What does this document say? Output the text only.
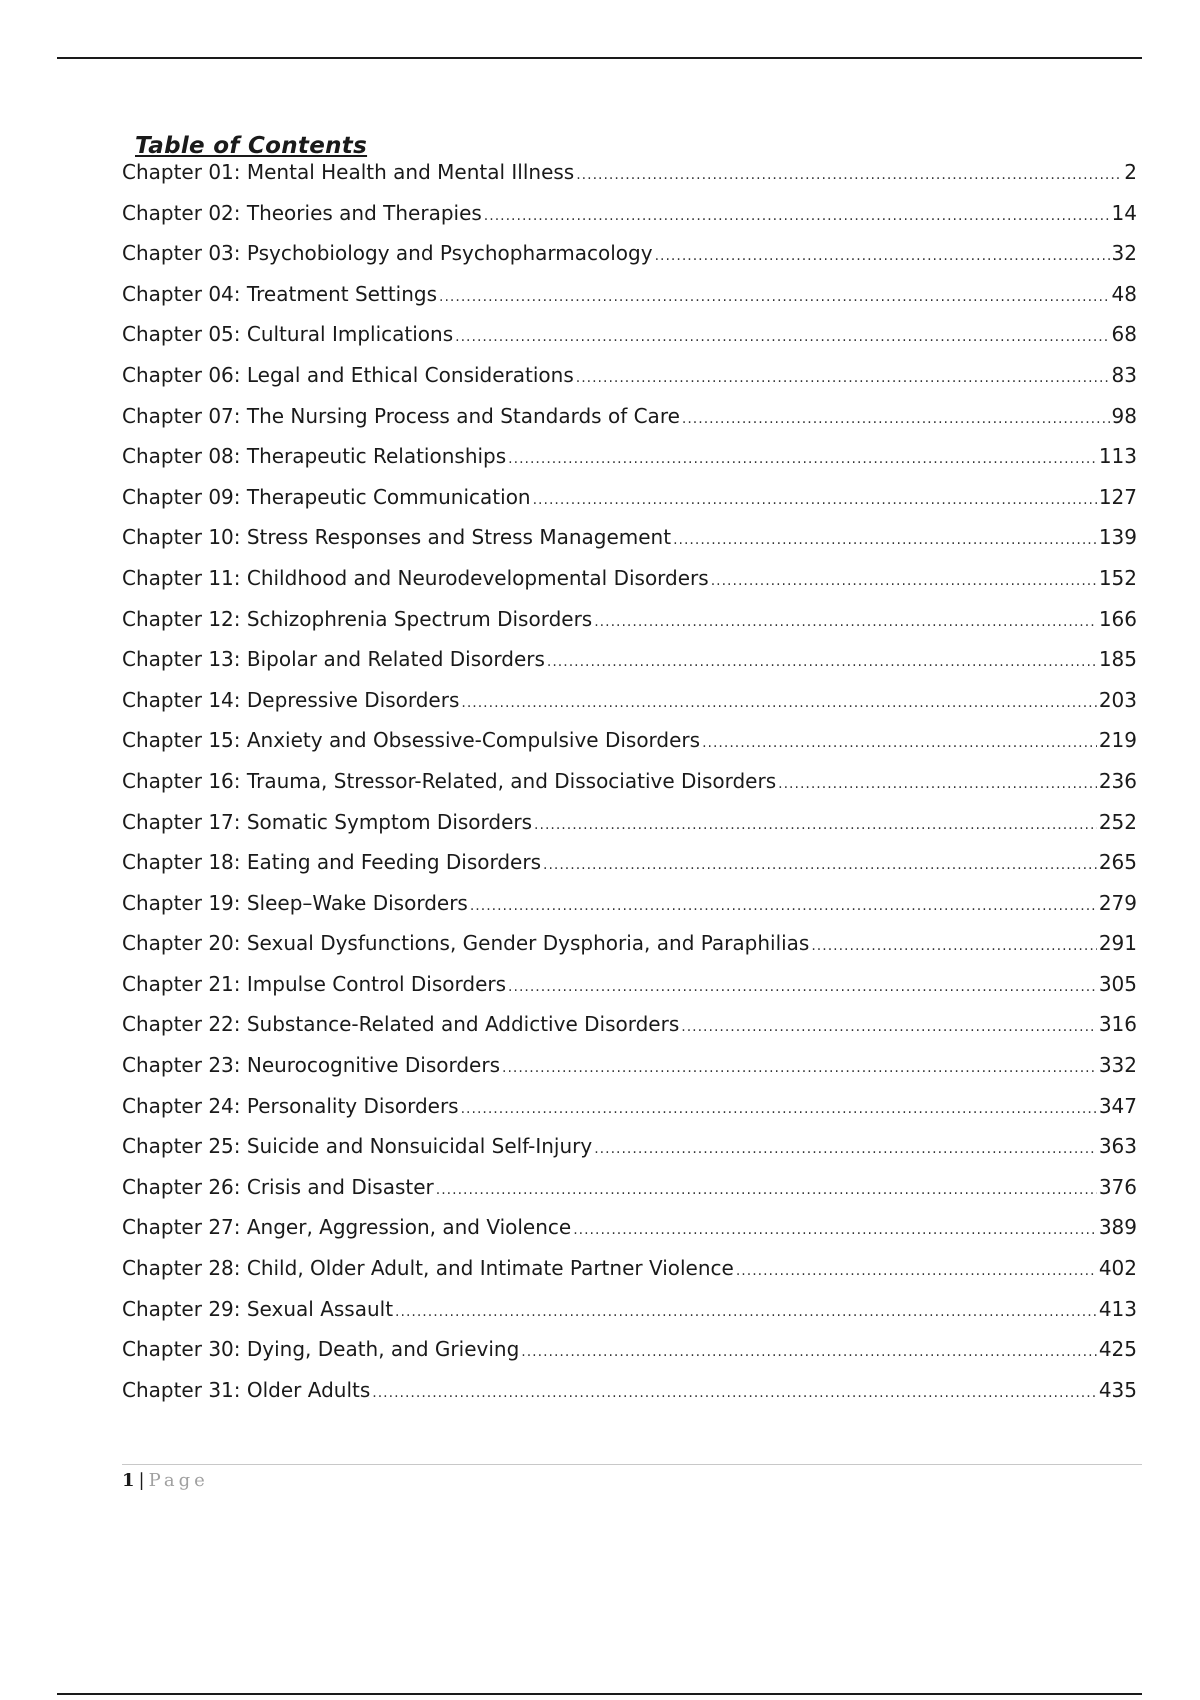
Table of Contents
Chapter 01: Mental Health and Mental Illness .....	2
Chapter 02: Theories and Therapies .....	14
Chapter 03: Psychobiology and Psychopharmacology .....	32
Chapter 04: Treatment Settings .....	48
Chapter 05: Cultural Implications .....	68
Chapter 06: Legal and Ethical Considerations .....	83
Chapter 07: The Nursing Process and Standards of Care .....	98
Chapter 08: Therapeutic Relationships .....	113
Chapter 09: Therapeutic Communication .....	127
Chapter 10: Stress Responses and Stress Management .....	139
Chapter 11: Childhood and Neurodevelopmental Disorders .....	152
Chapter 12: Schizophrenia Spectrum Disorders .....	166
Chapter 13: Bipolar and Related Disorders .....	185
Chapter 14: Depressive Disorders .....	203
Chapter 15: Anxiety and Obsessive-Compulsive Disorders .....	219
Chapter 16: Trauma, Stressor-Related, and Dissociative Disorders .....	236
Chapter 17: Somatic Symptom Disorders .....	252
Chapter 18: Eating and Feeding Disorders .....	265
Chapter 19: Sleep–Wake Disorders .....	279
Chapter 20: Sexual Dysfunctions, Gender Dysphoria, and Paraphilias .....	291
Chapter 21: Impulse Control Disorders .....	305
Chapter 22: Substance-Related and Addictive Disorders .....	316
Chapter 23: Neurocognitive Disorders .....	332
Chapter 24: Personality Disorders .....	347
Chapter 25: Suicide and Nonsuicidal Self-Injury .....	363
Chapter 26: Crisis and Disaster .....	376
Chapter 27: Anger, Aggression, and Violence .....	389
Chapter 28: Child, Older Adult, and Intimate Partner Violence .....	402
Chapter 29: Sexual Assault .....	413
Chapter 30: Dying, Death, and Grieving .....	425
Chapter 31: Older Adults .....	435
1 | Page
